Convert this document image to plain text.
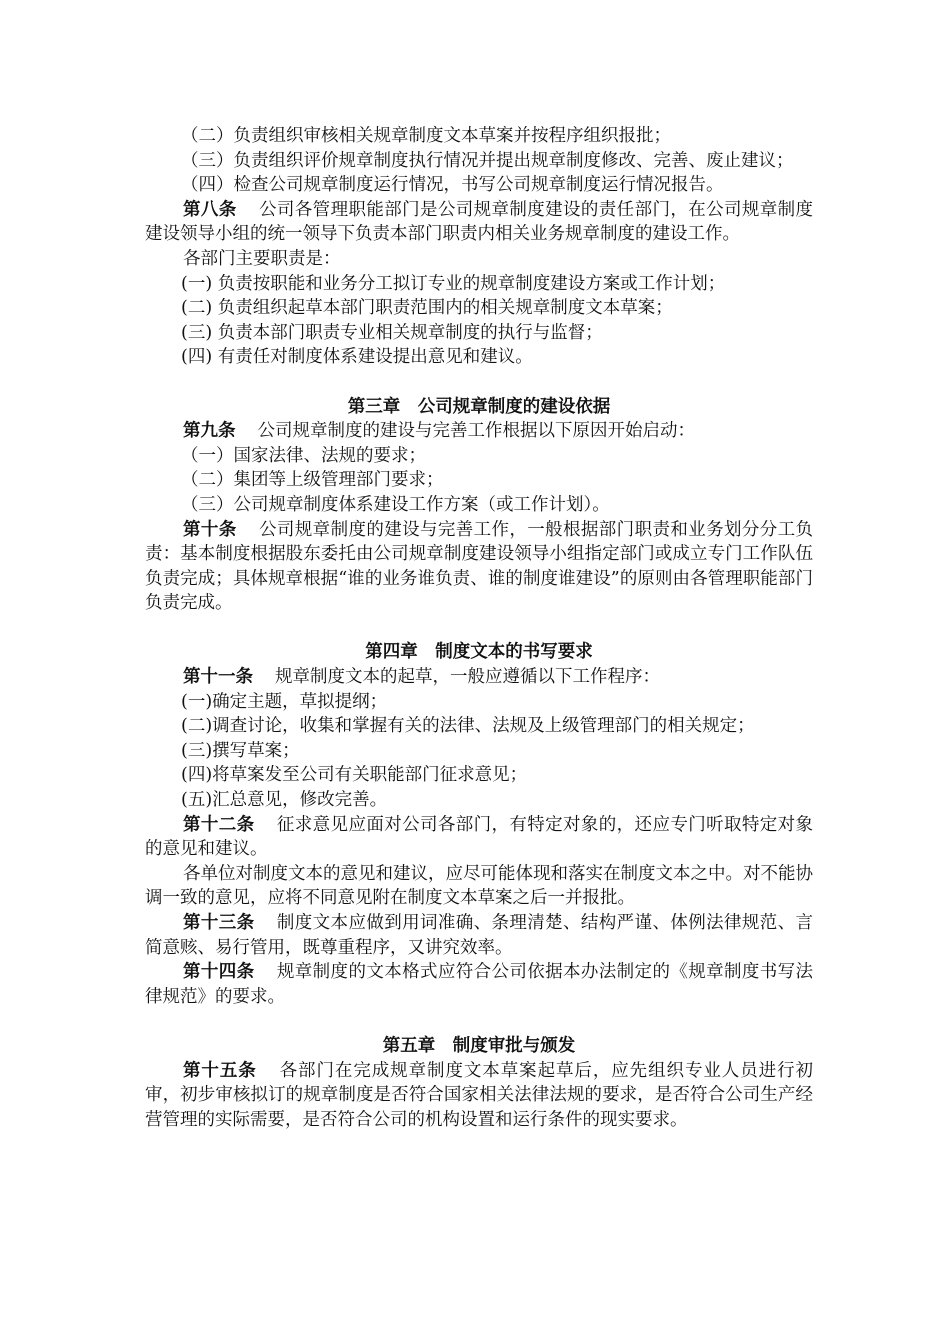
（二）负责组织审核相关规章制度文本草案并按程序组织报批；

（三）负责组织评价规章制度执行情况并提出规章制度修改、完善、废止建议；

（四）检查公司规章制度运行情况，书写公司规章制度运行情况报告。

第八条 公司各管理职能部门是公司规章制度建设的责任部门，在公司规章制度建设领导小组的统一领导下负责本部门职责内相关业务规章制度的建设工作。

各部门主要职责是：

(一) 负责按职能和业务分工拟订专业的规章制度建设方案或工作计划；

(二) 负责组织起草本部门职责范围内的相关规章制度文本草案；

(三) 负责本部门职责专业相关规章制度的执行与监督；

(四) 有责任对制度体系建设提出意见和建议。

第三章　公司规章制度的建设依据

第九条 公司规章制度的建设与完善工作根据以下原因开始启动：

（一）国家法律、法规的要求；

（二）集团等上级管理部门要求；

（三）公司规章制度体系建设工作方案（或工作计划）。

第十条 公司规章制度的建设与完善工作，一般根据部门职责和业务划分分工负责：基本制度根据股东委托由公司规章制度建设领导小组指定部门或成立专门工作队伍负责完成；具体规章根据“谁的业务谁负责、谁的制度谁建设”的原则由各管理职能部门负责完成。

第四章　制度文本的书写要求

第十一条 规章制度文本的起草，一般应遵循以下工作程序：

(一)确定主题，草拟提纲；

(二)调查讨论，收集和掌握有关的法律、法规及上级管理部门的相关规定；

(三)撰写草案；

(四)将草案发至公司有关职能部门征求意见；

(五)汇总意见，修改完善。

第十二条 征求意见应面对公司各部门，有特定对象的，还应专门听取特定对象的意见和建议。

各单位对制度文本的意见和建议，应尽可能体现和落实在制度文本之中。对不能协调一致的意见，应将不同意见附在制度文本草案之后一并报批。

第十三条 制度文本应做到用词准确、条理清楚、结构严谨、体例法律规范、言简意赅、易行管用，既尊重程序，又讲究效率。

第十四条 规章制度的文本格式应符合公司依据本办法制定的《规章制度书写法律规范》的要求。

第五章　制度审批与颁发

第十五条 各部门在完成规章制度文本草案起草后，应先组织专业人员进行初审，初步审核拟订的规章制度是否符合国家相关法律法规的要求，是否符合公司生产经营管理的实际需要，是否符合公司的机构设置和运行条件的现实要求。
